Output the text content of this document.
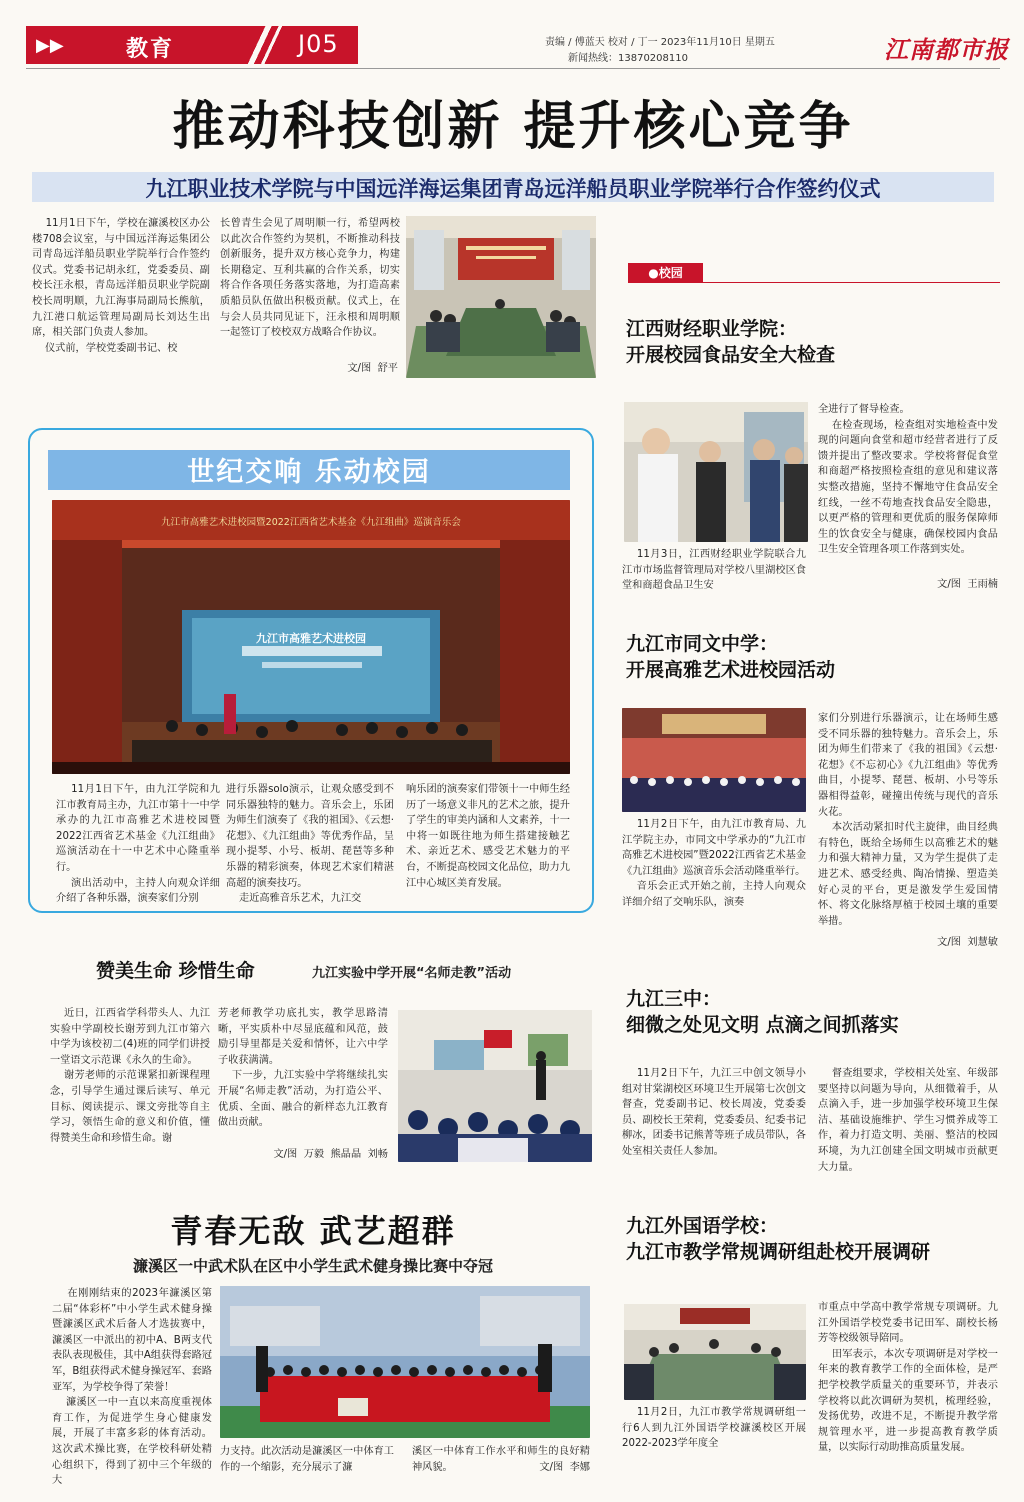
▶▶	教育	J05	责编 / 傅蓝天 校对 / 丁一 2023年11月10日 星期五
新闻热线：13870208110	江南都市报
推动科技创新 提升核心竞争
九江职业技术学院与中国远洋海运集团青岛远洋船员职业学院举行合作签约仪式
11月1日下午，学校在濂溪校区办公楼708会议室，与中国远洋海运集团公司青岛远洋船员职业学院举行合作签约仪式。党委书记胡永红，党委委员、副校长汪永根，青岛远洋船员职业学院副校长周明顺，九江海事局副局长熊航，九江港口航运管理局副局长刘达生出席，相关部门负责人参加。
仪式前，学校党委副书记、校
长曾青生会见了周明顺一行，希望两校以此次合作签约为契机，不断推动科技创新服务，提升双方核心竞争力，构建长期稳定、互利共赢的合作关系，切实将合作各项任务落实落地，为打造高素质船员队伍做出积极贡献。仪式上，在与会人员共同见证下，汪永根和周明顺一起签订了校校双方战略合作协议。
文/图  舒平
世纪交响 乐动校园
九江市高雅艺术进校园暨2022江西省艺术基金《九江组曲》巡演音乐会
九江市高雅艺术进校园
11月1日下午，由九江学院和九江市教育局主办，九江市第十一中学承办的九江市高雅艺术进校园暨2022江西省艺术基金《九江组曲》巡演活动在十一中艺术中心隆重举行。
演出活动中，主持人向观众详细介绍了各种乐器，演奏家们分别
进行乐器solo演示，让观众感受到不同乐器独特的魅力。音乐会上，乐团为师生们演奏了《我的祖国》、《云想·花想》、《九江组曲》等优秀作品，呈现小提琴、小号、板胡、琵琶等多种乐器的精彩演奏，体现艺术家们精湛高超的演奏技巧。
走近高雅音乐艺术，九江交
响乐团的演奏家们带领十一中师生经历了一场意义非凡的艺术之旅，提升了学生的审美内涵和人文素养，十一中将一如既往地为师生搭建接触艺术、亲近艺术、感受艺术魅力的平台，不断提高校园文化品位，助力九江中心城区美育发展。
赞美生命 珍惜生命	九江实验中学开展“名师走教”活动
近日，江西省学科带头人、九江实验中学副校长谢芳到九江市第六中学为该校初二(4)班的同学们讲授一堂语文示范课《永久的生命》。
谢芳老师的示范课紧扣新课程理念，引导学生通过课后读写、单元目标、阅读提示、课文旁批等自主学习，领悟生命的意义和价值，懂得赞美生命和珍惜生命。谢
芳老师教学功底扎实，教学思路清晰，平实质朴中尽显底蕴和风范，鼓励引导里都是关爱和情怀，让六中学子收获满满。
下一步，九江实验中学将继续扎实开展“名师走教”活动，为打造公平、优质、全面、融合的新样态九江教育做出贡献。
文/图  万毅  熊晶晶  刘畅
青春无敌 武艺超群
濂溪区一中武术队在区中小学生武术健身操比赛中夺冠
在刚刚结束的2023年濂溪区第二届“体彩杯”中小学生武术健身操暨濂溪区武术后备人才选拔赛中，濂溪区一中派出的初中A、B两支代表队表现极佳，其中A组获得套路冠军，B组获得武术健身操冠军、套路亚军，为学校争得了荣誉！
濂溪区一中一直以来高度重视体育工作，为促进学生身心健康发展，开展了丰富多彩的体育活动。这次武术操比赛，在学校科研处精心组织下，得到了初中三个年级的大
力支持。此次活动是濂溪区一中体育工作的一个缩影，充分展示了濂
溪区一中体育工作水平和师生的良好精神风貌。	文/图  李娜
●校园
江西财经职业学院：
开展校园食品安全大检查
11月3日，江西财经职业学院联合九江市市场监督管理局对学校八里湖校区食堂和商超食品卫生安
全进行了督导检查。
在检查现场，检查组对实地检查中发现的问题向食堂和超市经营者进行了反馈并提出了整改要求。学校将督促食堂和商超严格按照检查组的意见和建议落实整改措施，坚持不懈地守住食品安全红线，一丝不苟地查找食品安全隐患，以更严格的管理和更优质的服务保障师生的饮食安全与健康，确保校园内食品卫生安全管理各项工作落到实处。
文/图  王雨楠
九江市同文中学：
开展高雅艺术进校园活动
11月2日下午，由九江市教育局、九江学院主办，市同文中学承办的“九江市高雅艺术进校园”暨2022江西省艺术基金《九江组曲》巡演音乐会活动隆重举行。
音乐会正式开始之前，主持人向观众详细介绍了交响乐队，演奏
家们分别进行乐器演示，让在场师生感受不同乐器的独特魅力。音乐会上，乐团为师生们带来了《我的祖国》《云想·花想》《不忘初心》《九江组曲》等优秀曲目，小提琴、琵琶、板胡、小号等乐器相得益彰，碰撞出传统与现代的音乐火花。
本次活动紧扣时代主旋律，曲目经典有特色，既给全场师生以高雅艺术的魅力和强大精神力量，又为学生提供了走进艺术、感受经典、陶冶情操、塑造美好心灵的平台，更是激发学生爱国情怀、将文化脉络厚植于校园土壤的重要举措。
文/图  刘慧敏
九江三中：
细微之处见文明 点滴之间抓落实
11月2日下午，九江三中创文领导小组对甘棠湖校区环境卫生开展第七次创文督查，党委副书记、校长周凌，党委委员、副校长王荣莉，党委委员、纪委书记柳冰，团委书记熊菁等班子成员带队，各处室相关责任人参加。
督查组要求，学校相关处室、年级部要坚持以问题为导向，从细微着手，从点滴入手，进一步加强学校环境卫生保洁、基础设施维护、学生习惯养成等工作，着力打造文明、美丽、整洁的校园环境，为九江创建全国文明城市贡献更大力量。
九江外国语学校：
九江市教学常规调研组赴校开展调研
11月2日，九江市教学常规调研组一行6人到九江外国语学校濂溪校区开展2022-2023学年度全
市重点中学高中教学常规专项调研。九江外国语学校党委书记田军、副校长杨芳等校级领导陪同。
田军表示，本次专项调研是对学校一年来的教育教学工作的全面体检，是严把学校教学质量关的重要环节，并表示学校将以此次调研为契机，梳理经验，发扬优势，改进不足，不断提升教学常规管理水平，进一步提高教育教学质量，以实际行动助推高质量发展。
